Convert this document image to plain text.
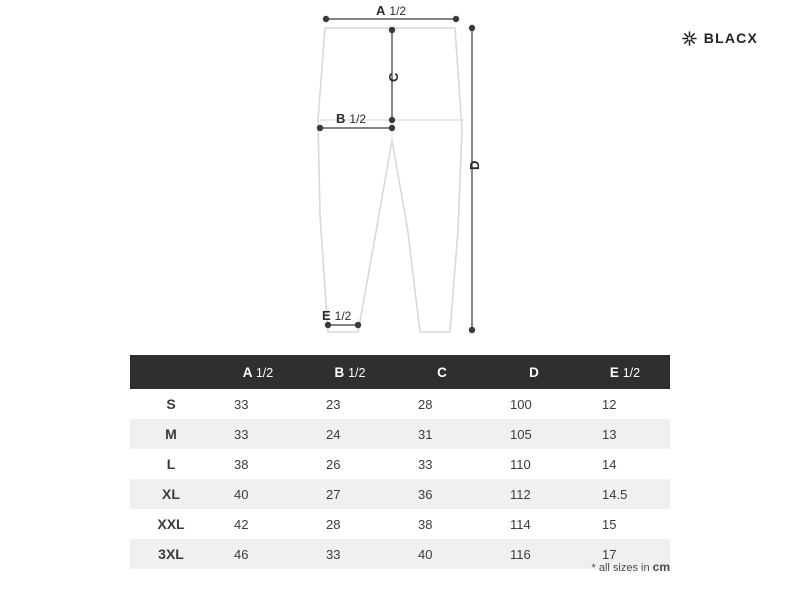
BLACX
A 1/2
C
B 1/2
D
E 1/2
	A 1/2	B 1/2	C	D	E 1/2
S	33	23	28	100	12
M	33	24	31	105	13
L	38	26	33	110	14
XL	40	27	36	112	14.5
XXL	42	28	38	114	15
3XL	46	33	40	116	17
* all sizes in cm
